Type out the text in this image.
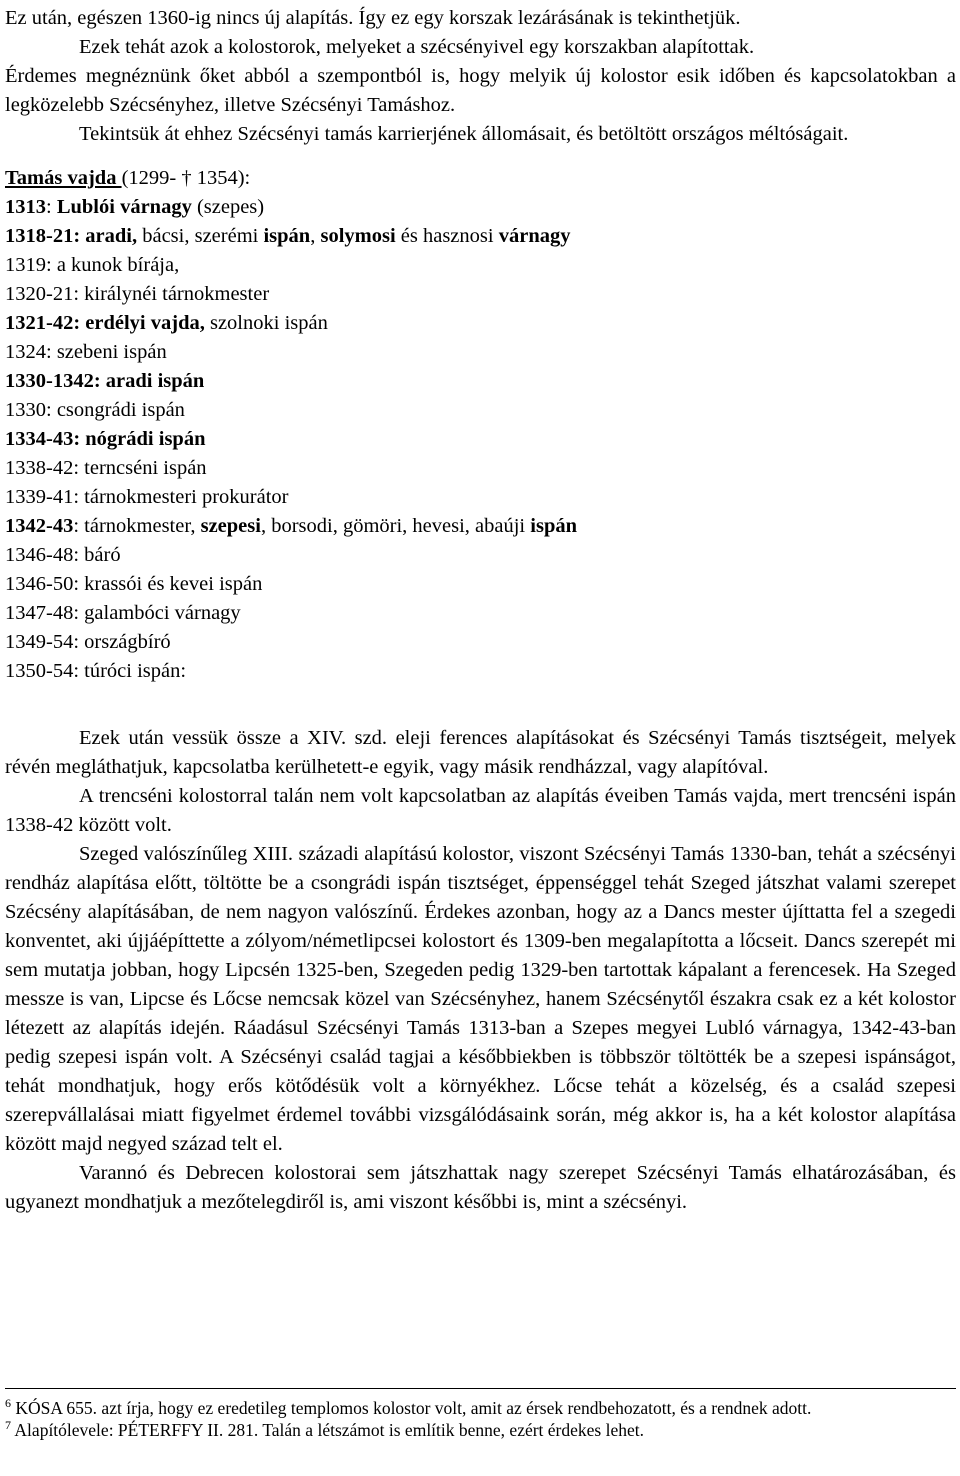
Ez után, egészen 1360-ig nincs új alapítás. Így ez egy korszak lezárásának is tekinthetjük.

Ezek tehát azok a kolostorok, melyeket a szécsényivel egy korszakban alapítottak.

Érdemes megnéznünk őket abból a szempontból is, hogy melyik új kolostor esik időben és kapcsolatokban a legközelebb Szécsényhez, illetve Szécsényi Tamáshoz.

Tekintsük át ehhez Szécsényi tamás karrierjének állomásait, és betöltött országos méltóságait.

Tamás vajda (1299- † 1354):

1313: Lublói várnagy (szepes)

1318-21: aradi, bácsi, szerémi ispán, solymosi és hasznosi várnagy

1319: a kunok bírája,

1320-21: királynéi tárnokmester

1321-42: erdélyi vajda, szolnoki ispán

1324: szebeni ispán

1330-1342: aradi ispán

1330: csongrádi ispán

1334-43: nógrádi ispán

1338-42: terncséni ispán

1339-41: tárnokmesteri prokurátor

1342-43: tárnokmester, szepesi, borsodi, gömöri, hevesi, abaúji ispán

1346-48: báró

1346-50: krassói és kevei ispán

1347-48: galambóci várnagy

1349-54: országbíró

1350-54: túróci ispán:

Ezek után vessük össze a XIV. szd. eleji ferences alapításokat és Szécsényi Tamás tisztségeit, melyek révén megláthatjuk, kapcsolatba kerülhetett-e egyik, vagy másik rendházzal, vagy alapítóval.

A trencséni kolostorral talán nem volt kapcsolatban az alapítás éveiben Tamás vajda, mert trencséni ispán 1338-42 között volt.

Szeged valószínűleg XIII. századi alapítású kolostor, viszont Szécsényi Tamás 1330-ban, tehát a szécsényi rendház alapítása előtt, töltötte be a csongrádi ispán tisztséget, éppenséggel tehát Szeged játszhat valami szerepet Szécsény alapításában, de nem nagyon valószínű. Érdekes azonban, hogy az a Dancs mester újíttatta fel a szegedi konventet, aki újjáépíttette a zólyom/németlipcsei kolostort és 1309-ben megalapította a lőcseit. Dancs szerepét mi sem mutatja jobban, hogy Lipcsén 1325-ben, Szegeden pedig 1329-ben tartottak kápalant a ferencesek. Ha Szeged messze is van, Lipcse és Lőcse nemcsak közel van Szécsényhez, hanem Szécsénytől északra csak ez a két kolostor létezett az alapítás idején. Ráadásul Szécsényi Tamás 1313-ban a Szepes megyei Lubló várnagya, 1342-43-ban pedig szepesi ispán volt. A Szécsényi család tagjai a későbbiekben is többször töltötték be a szepesi ispánságot, tehát mondhatjuk, hogy erős kötődésük volt a környékhez. Lőcse tehát a közelség, és a család szepesi szerepvállalásai miatt figyelmet érdemel további vizsgálódásaink során, még akkor is, ha a két kolostor alapítása között majd negyed század telt el.

Varannó és Debrecen kolostorai sem játszhattak nagy szerepet Szécsényi Tamás elhatározásában, és ugyanezt mondhatjuk a mezőtelegdiről is, ami viszont későbbi is, mint a szécsényi.

$^6$ KÓSA 655. azt írja, hogy ez eredetileg templomos kolostor volt, amit az érsek rendbehozatott, és a rendnek adott.

$^7$ Alapítólevele: PÉTERFFY II. 281. Talán a létszámot is említik benne, ezért érdekes lehet.
